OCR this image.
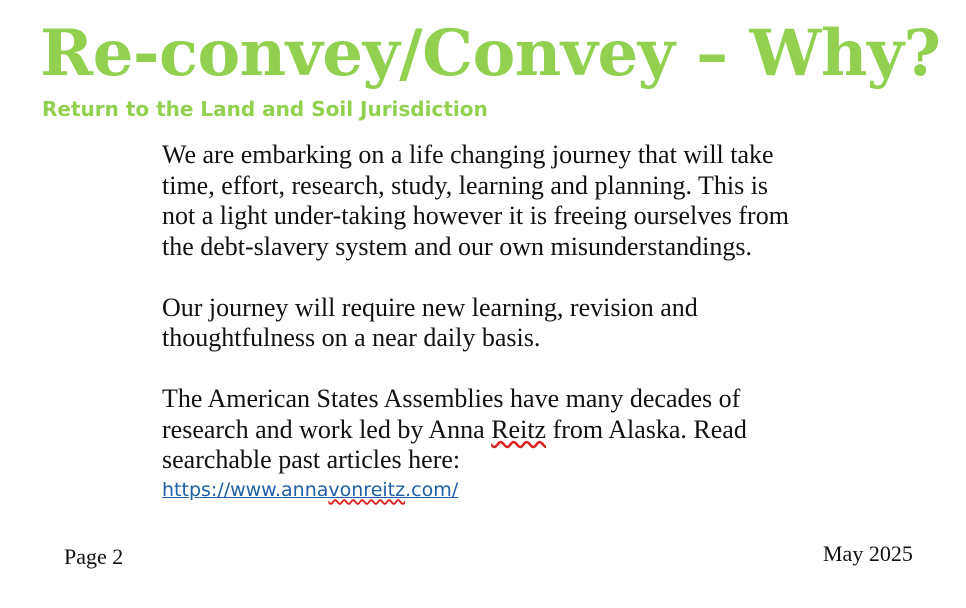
Re-convey/Convey – Why?
Return to the Land and Soil Jurisdiction

We are embarking on a life changing journey that will take time, effort, research, study, learning and planning. This is not a light under-taking however it is freeing ourselves from the debt-slavery system and our own misunderstandings.

Our journey will require new learning, revision and thoughtfulness on a near daily basis.

The American States Assemblies have many decades of research and work led by Anna Reitz from Alaska. Read searchable past articles here:

https://www.annavonreitz.com/
Page 2	May 2025
